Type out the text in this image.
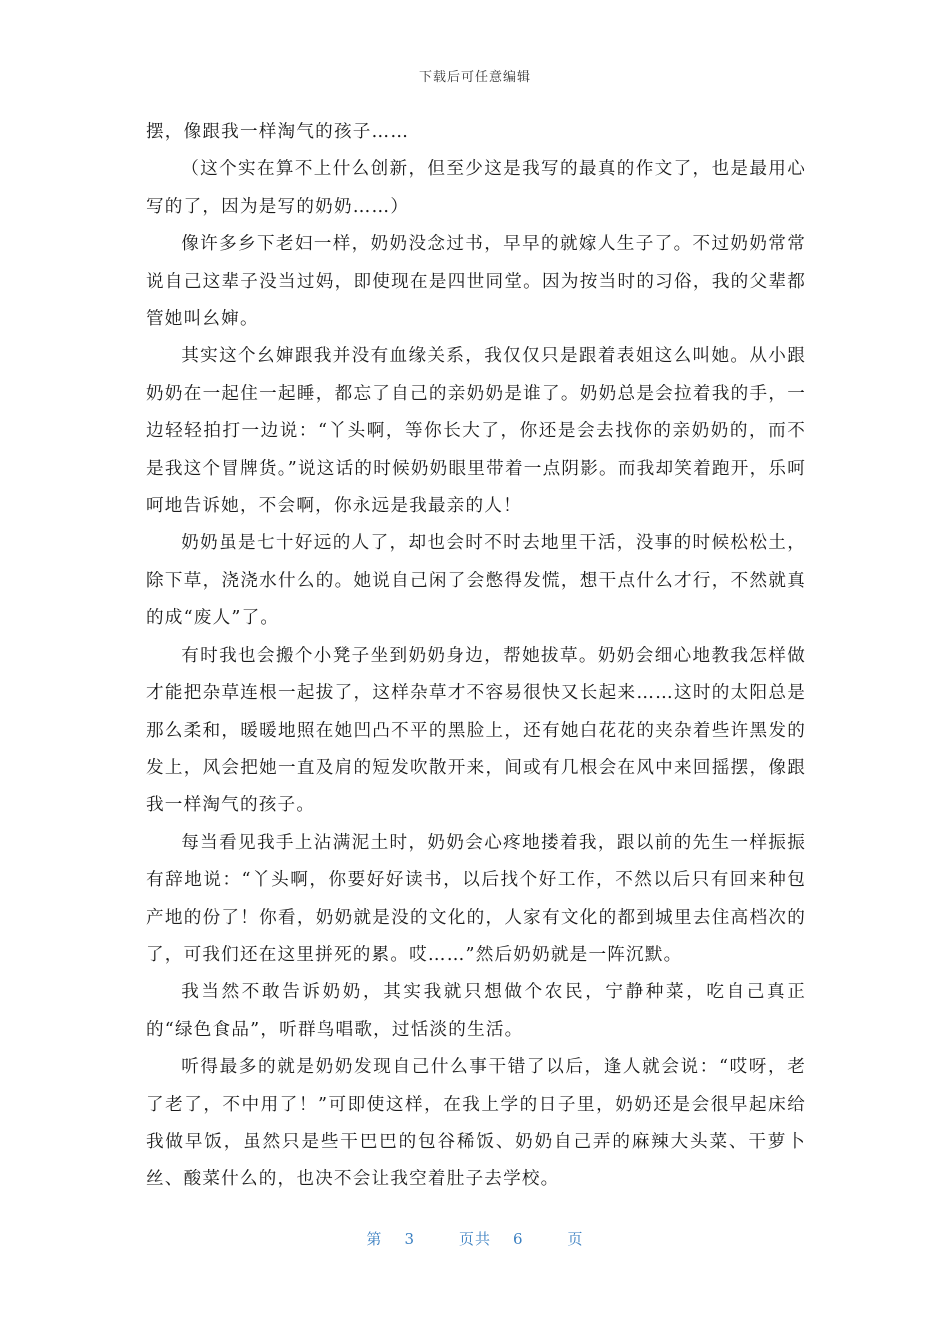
下载后可任意编辑

摆，像跟我一样淘气的孩子……

（这个实在算不上什么创新，但至少这是我写的最真的作文了，也是最用心写的了，因为是写的奶奶……）

像许多乡下老妇一样，奶奶没念过书，早早的就嫁人生子了。不过奶奶常常说自己这辈子没当过妈，即使现在是四世同堂。因为按当时的习俗，我的父辈都管她叫幺婶。

其实这个幺婶跟我并没有血缘关系，我仅仅只是跟着表姐这么叫她。从小跟奶奶在一起住一起睡，都忘了自己的亲奶奶是谁了。奶奶总是会拉着我的手，一边轻轻拍打一边说：“丫头啊，等你长大了，你还是会去找你的亲奶奶的，而不是我这个冒牌货。”说这话的时候奶奶眼里带着一点阴影。而我却笑着跑开，乐呵呵地告诉她，不会啊，你永远是我最亲的人！

奶奶虽是七十好远的人了，却也会时不时去地里干活，没事的时候松松土，除下草，浇浇水什么的。她说自己闲了会憋得发慌，想干点什么才行，不然就真的成“废人”了。

有时我也会搬个小凳子坐到奶奶身边，帮她拔草。奶奶会细心地教我怎样做才能把杂草连根一起拔了，这样杂草才不容易很快又长起来……这时的太阳总是那么柔和，暖暖地照在她凹凸不平的黑脸上，还有她白花花的夹杂着些许黑发的发上，风会把她一直及肩的短发吹散开来，间或有几根会在风中来回摇摆，像跟我一样淘气的孩子。

每当看见我手上沾满泥土时，奶奶会心疼地搂着我，跟以前的先生一样振振有辞地说：“丫头啊，你要好好读书，以后找个好工作，不然以后只有回来种包产地的份了！你看，奶奶就是没的文化的，人家有文化的都到城里去住高档次的了，可我们还在这里拼死的累。哎……”然后奶奶就是一阵沉默。

我当然不敢告诉奶奶，其实我就只想做个农民，宁静种菜，吃自己真正的“绿色食品”，听群鸟唱歌，过恬淡的生活。

听得最多的就是奶奶发现自己什么事干错了以后，逢人就会说：“哎呀，老了老了，不中用了！”可即使这样，在我上学的日子里，奶奶还是会很早起床给我做早饭，虽然只是些干巴巴的包谷稀饭、奶奶自己弄的麻辣大头菜、干萝卜丝、酸菜什么的，也决不会让我空着肚子去学校。

第 3	页共 6	页
